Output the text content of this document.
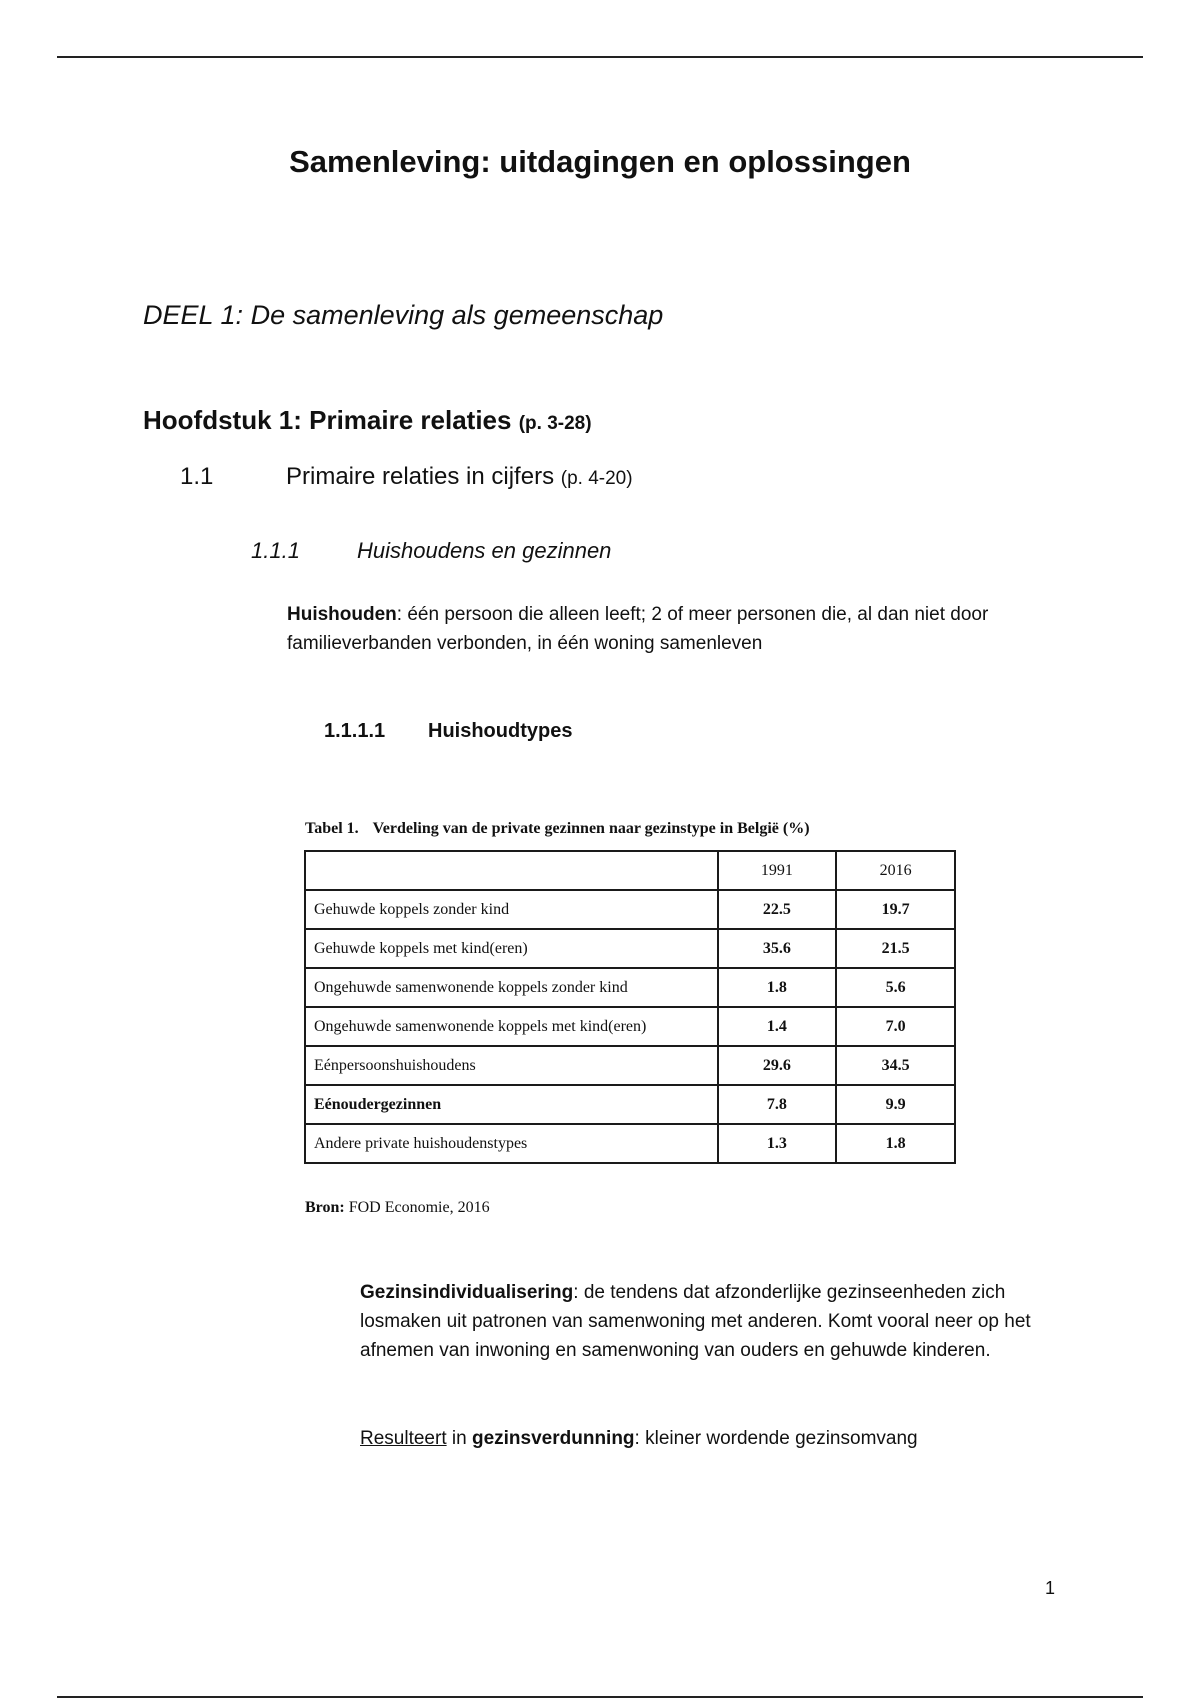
Samenleving: uitdagingen en oplossingen
DEEL 1: De samenleving als gemeenschap
Hoofdstuk 1: Primaire relaties (p. 3-28)
1.1	Primaire relaties in cijfers (p. 4-20)
1.1.1	Huishoudens en gezinnen

Huishouden: één persoon die alleen leeft; 2 of meer personen die, al dan niet door familieverbanden verbonden, in één woning samenleven

1.1.1.1 Huishoudtypes

Tabel 1. Verdeling van de private gezinnen naar gezinstype in België (%)

	1991	2016
Gehuwde koppels zonder kind	22.5	19.7
Gehuwde koppels met kind(eren)	35.6	21.5
Ongehuwde samenwonende koppels zonder kind	1.8	5.6
Ongehuwde samenwonende koppels met kind(eren)	1.4	7.0
Eénpersoonshuishoudens	29.6	34.5
Eénoudergezinnen	7.8	9.9
Andere private huishoudenstypes	1.3	1.8

Bron: FOD Economie, 2016

Gezinsindividualisering: de tendens dat afzonderlijke gezinseenheden zich losmaken uit patronen van samenwoning met anderen. Komt vooral neer op het afnemen van inwoning en samenwoning van ouders en gehuwde kinderen.

Resulteert in gezinsverdunning: kleiner wordende gezinsomvang

1
